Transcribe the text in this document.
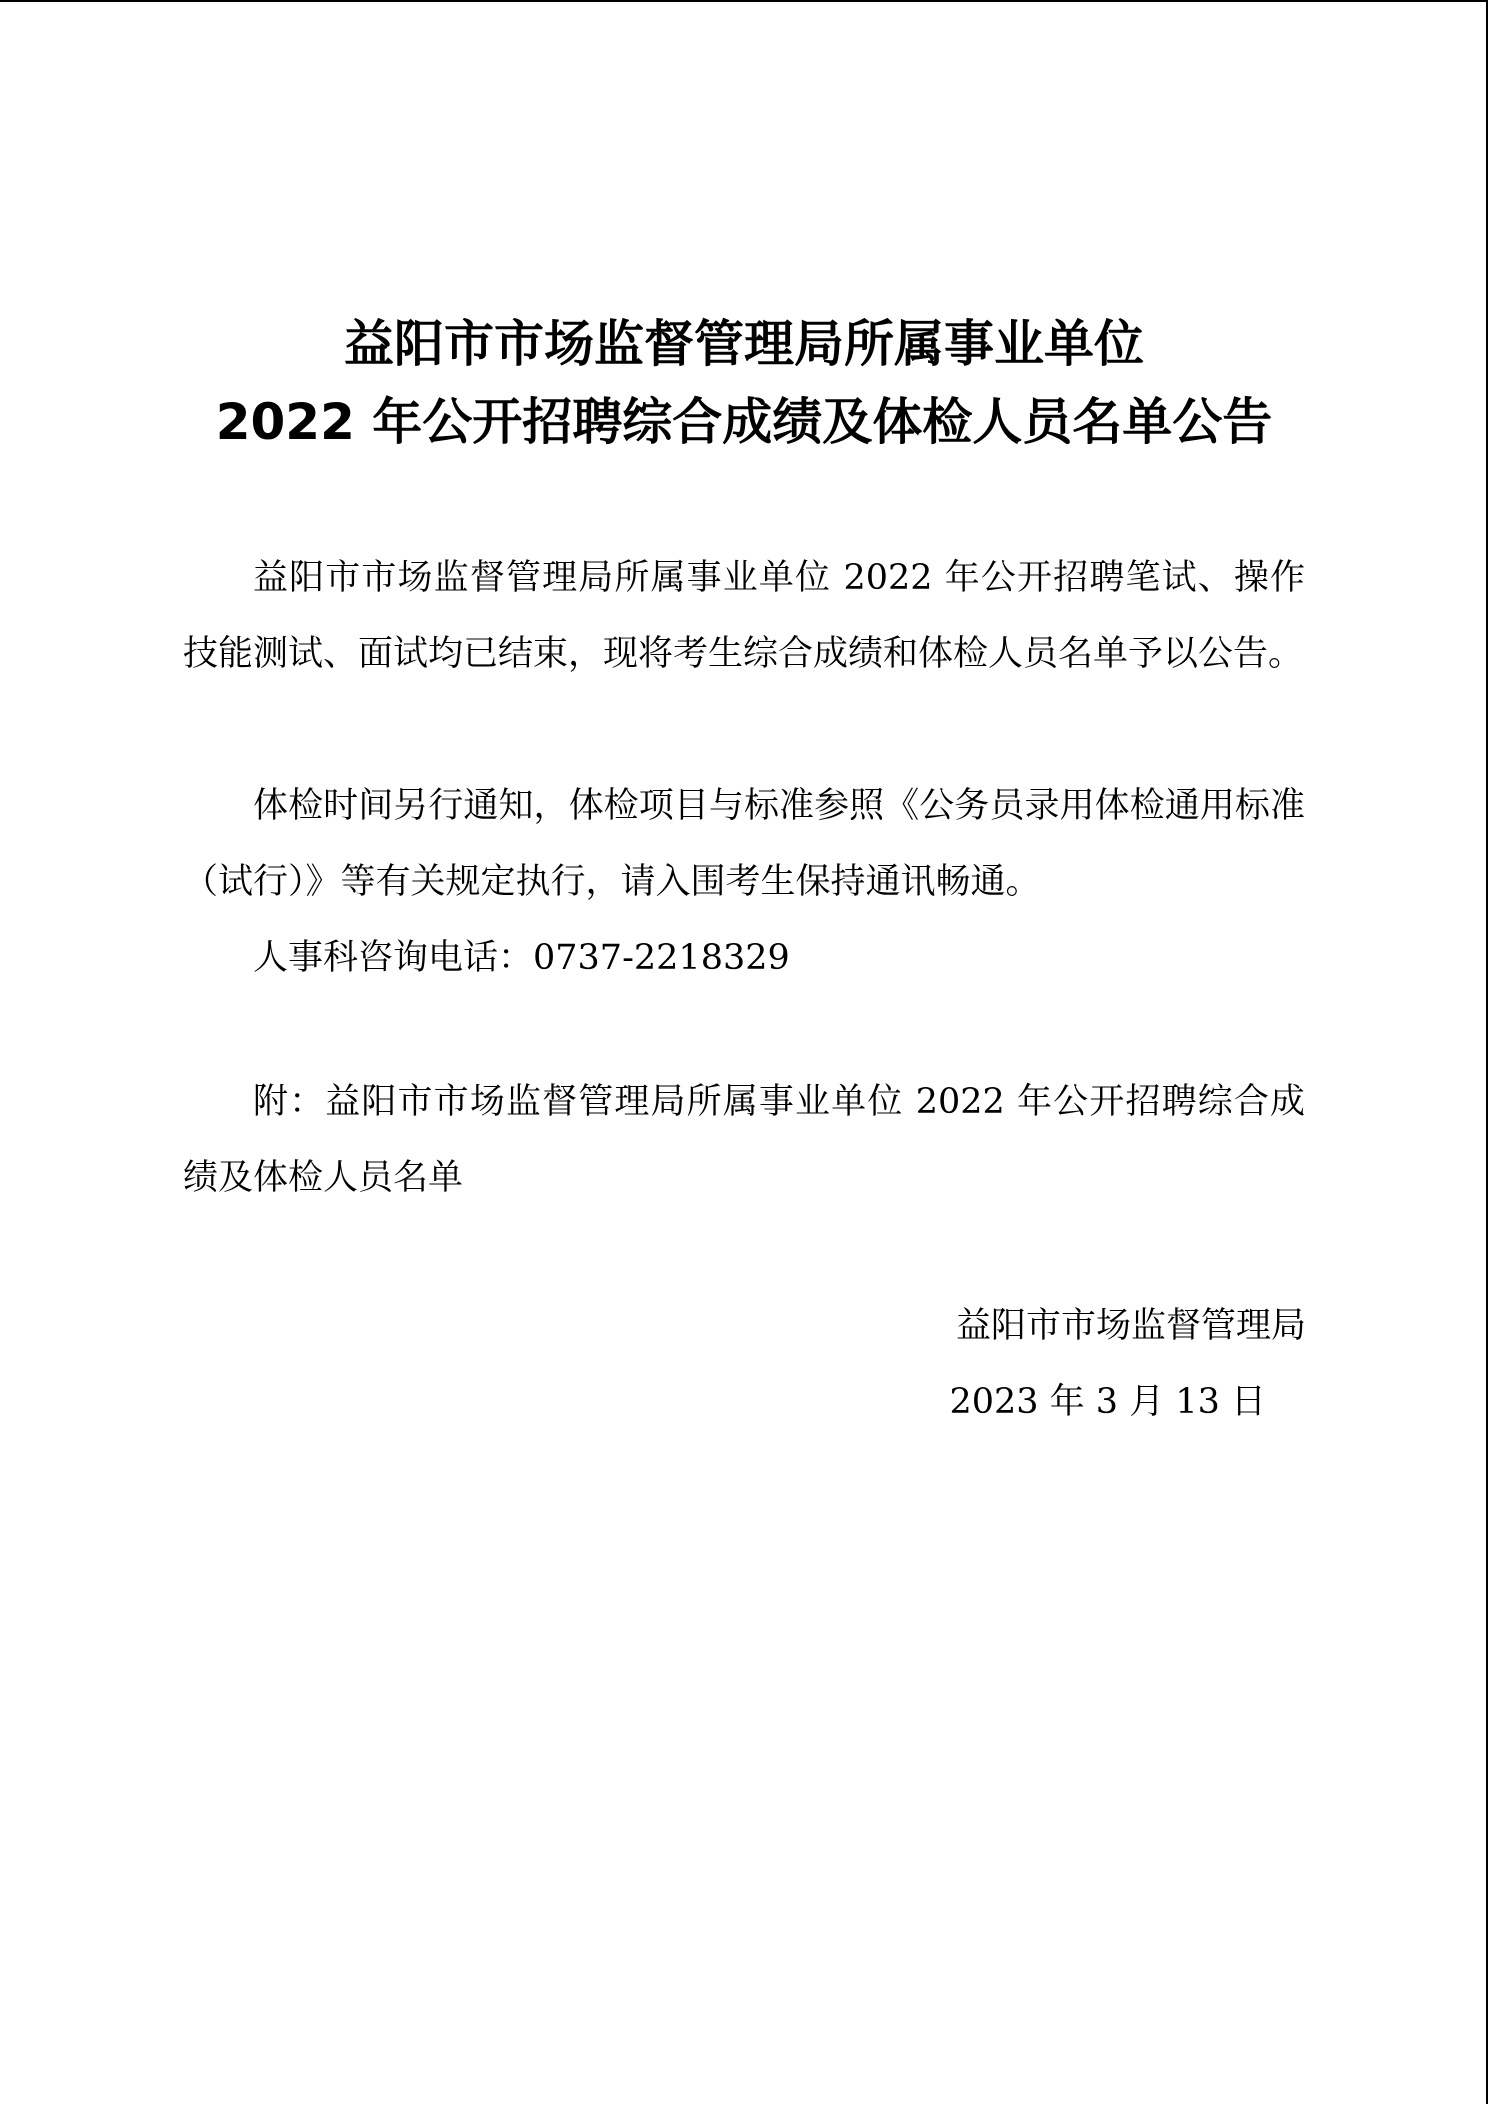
益阳市市场监督管理局所属事业单位
2022 年公开招聘综合成绩及体检人员名单公告

益阳市市场监督管理局所属事业单位 2022 年公开招聘笔试、操作技能测试、面试均已结束，现将考生综合成绩和体检人员名单予以公告。

体检时间另行通知，体检项目与标准参照《公务员录用体检通用标准（试行）》等有关规定执行，请入围考生保持通讯畅通。

人事科咨询电话：0737-2218329

附：益阳市市场监督管理局所属事业单位 2022 年公开招聘综合成绩及体检人员名单

益阳市市场监督管理局
2023 年 3 月 13 日
